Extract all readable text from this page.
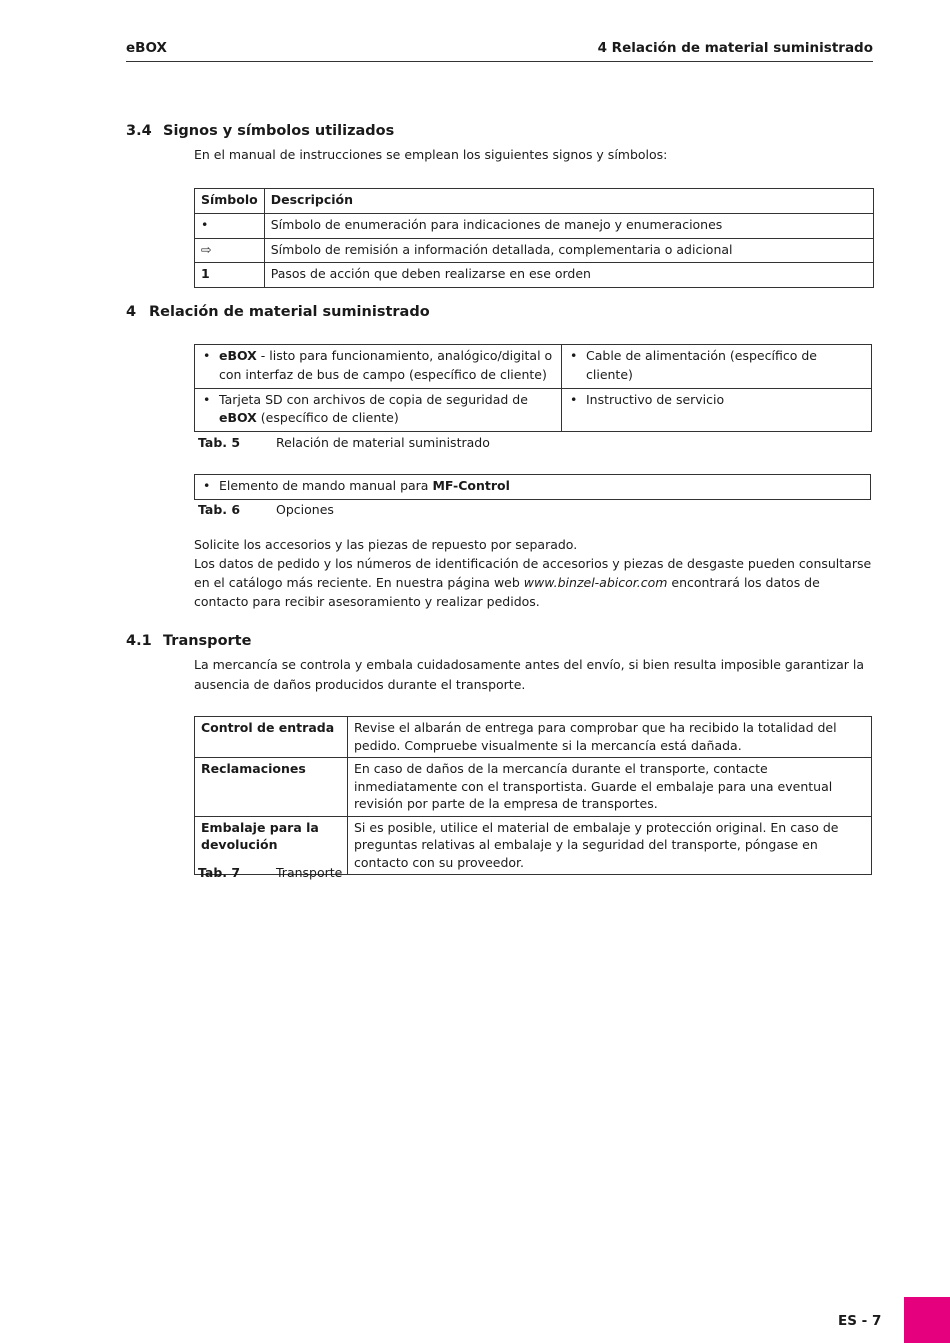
eBOX	4 Relación de material suministrado
3.4 Signos y símbolos utilizados

En el manual de instrucciones se emplean los siguientes signos y símbolos:

Símbolo	Descripción
•	Símbolo de enumeración para indicaciones de manejo y enumeraciones
⇨	Símbolo de remisión a información detallada, complementaria o adicional
1	Pasos de acción que deben realizarse en ese orden
4 Relación de material suministrado
• eBOX - listo para funcionamiento, analógico/digital o con interfaz de bus de campo (específico de cliente)	• Cable de alimentación (específico de cliente)

• Tarjeta SD con archivos de copia de seguridad de eBOX (específico de cliente)	• Instructivo de servicio
Tab. 5	Relación de material suministrado
• Elemento de mando manual para MF-Control
Tab. 6	Opciones

Solicite los accesorios y las piezas de repuesto por separado.
Los datos de pedido y los números de identificación de accesorios y piezas de desgaste pueden consultarse en el catálogo más reciente. En nuestra página web www.binzel-abicor.com encontrará los datos de contacto para recibir asesoramiento y realizar pedidos.

4.1 Transporte

La mercancía se controla y embala cuidadosamente antes del envío, si bien resulta imposible garantizar la ausencia de daños producidos durante el transporte.

Control de entrada	Revise el albarán de entrega para comprobar que ha recibido la totalidad del pedido. Compruebe visualmente si la mercancía está dañada.
Reclamaciones	En caso de daños de la mercancía durante el transporte, contacte inmediatamente con el transportista. Guarde el embalaje para una eventual revisión por parte de la empresa de transportes.
Embalaje para la devolución	Si es posible, utilice el material de embalaje y protección original. En caso de preguntas relativas al embalaje y la seguridad del transporte, póngase en contacto con su proveedor.
Tab. 7	Transporte
ES - 7
